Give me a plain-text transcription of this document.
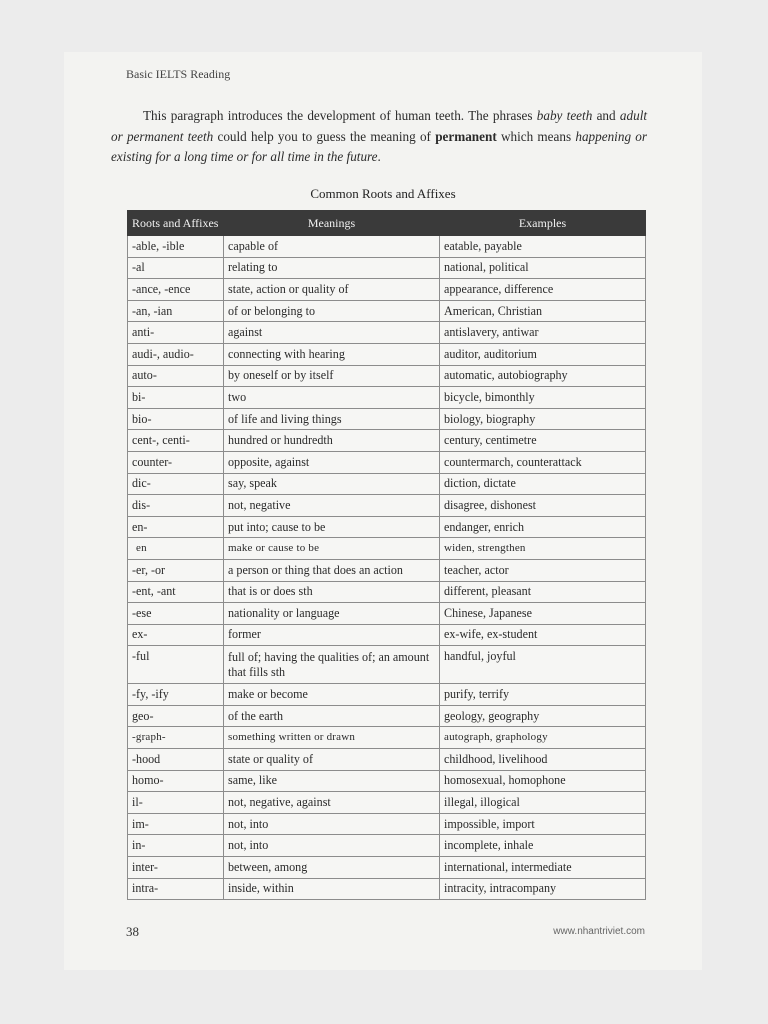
Basic IELTS Reading

This paragraph introduces the development of human teeth. The phrases baby teeth and adult or permanent teeth could help you to guess the meaning of permanent which means happening or existing for a long time or for all time in the future.

Common Roots and Affixes
Roots and Affixes	Meanings	Examples
-able, -ible	capable of	eatable, payable
-al	relating to	national, political
-ance, -ence	state, action or quality of	appearance, difference
-an, -ian	of or belonging to	American, Christian
anti-	against	antislavery, antiwar
audi-, audio-	connecting with hearing	auditor, auditorium
auto-	by oneself or by itself	automatic, autobiography
bi-	two	bicycle, bimonthly
bio-	of life and living things	biology, biography
cent-, centi-	hundred or hundredth	century, centimetre
counter-	opposite, against	countermarch, counterattack
dic-	say, speak	diction, dictate
dis-	not, negative	disagree, dishonest
en-	put into; cause to be	endanger, enrich
en	make or cause to be	widen, strengthen
-er, -or	a person or thing that does an action	teacher, actor
-ent, -ant	that is or does sth	different, pleasant
-ese	nationality or language	Chinese, Japanese
ex-	former	ex-wife, ex-student
-ful	full of; having the qualities of; an amount that fills sth	handful, joyful
-fy, -ify	make or become	purify, terrify
geo-	of the earth	geology, geography
-graph-	something written or drawn	autograph, graphology
-hood	state or quality of	childhood, livelihood
homo-	same, like	homosexual, homophone
il-	not, negative, against	illegal, illogical
im-	not, into	impossible, import
in-	not, into	incomplete, inhale
inter-	between, among	international, intermediate
intra-	inside, within	intracity, intracompany
38	www.nhantriviet.com
